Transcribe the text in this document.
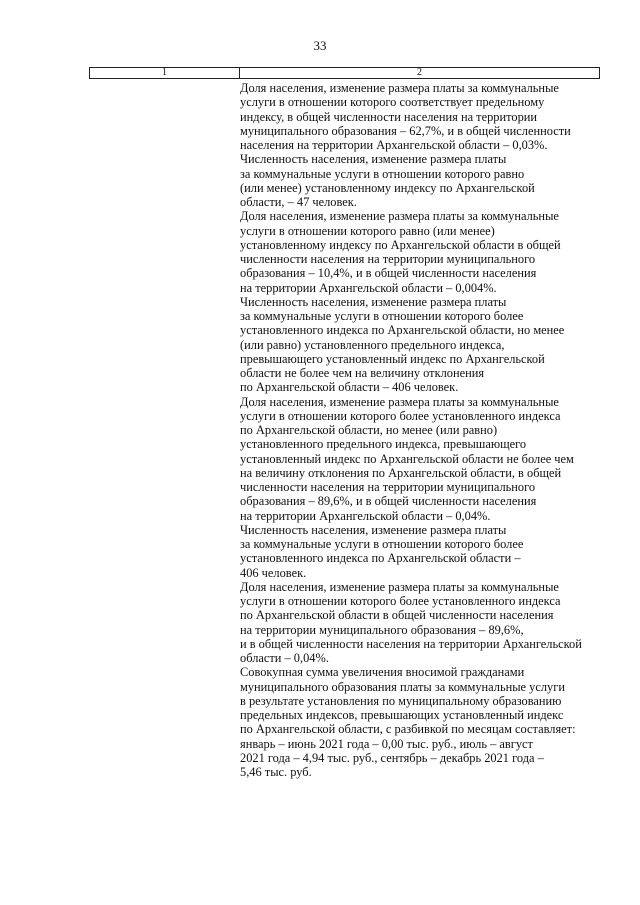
33
1	2

Доля населения, изменение размера платы за коммунальные
услуги в отношении которого соответствует предельному
индексу, в общей численности населения на территории
муниципального образования – 62,7%, и в общей численности
населения на территории Архангельской области – 0,03%.

Численность населения, изменение размера платы
за коммунальные услуги в отношении которого равно
(или менее) установленному индексу по Архангельской
области, – 47 человек.

Доля населения, изменение размера платы за коммунальные
услуги в отношении которого равно (или менее)
установленному индексу по Архангельской области в общей
численности населения на территории муниципального
образования – 10,4%, и в общей численности населения
на территории Архангельской области – 0,004%.

Численность населения, изменение размера платы
за коммунальные услуги в отношении которого более
установленного индекса по Архангельской области, но менее
(или равно) установленного предельного индекса,
превышающего установленный индекс по Архангельской
области не более чем на величину отклонения
по Архангельской области – 406 человек.

Доля населения, изменение размера платы за коммунальные
услуги в отношении которого более установленного индекса
по Архангельской области, но менее (или равно)
установленного предельного индекса, превышающего
установленный индекс по Архангельской области не более чем
на величину отклонения по Архангельской области, в общей
численности населения на территории муниципального
образования – 89,6%, и в общей численности населения
на территории Архангельской области – 0,04%.

Численность населения, изменение размера платы
за коммунальные услуги в отношении которого более
установленного индекса по Архангельской области –
406 человек.

Доля населения, изменение размера платы за коммунальные
услуги в отношении которого более установленного индекса
по Архангельской области в общей численности населения
на территории муниципального образования – 89,6%,
и в общей численности населения на территории Архангельской
области – 0,04%.

Совокупная сумма увеличения вносимой гражданами
муниципального образования платы за коммунальные услуги
в результате установления по муниципальному образованию
предельных индексов, превышающих установленный индекс
по Архангельской области, с разбивкой по месяцам составляет:
январь – июнь 2021 года – 0,00 тыс. руб., июль – август
2021 года – 4,94 тыс. руб., сентябрь – декабрь 2021 года –
5,46 тыс. руб.
